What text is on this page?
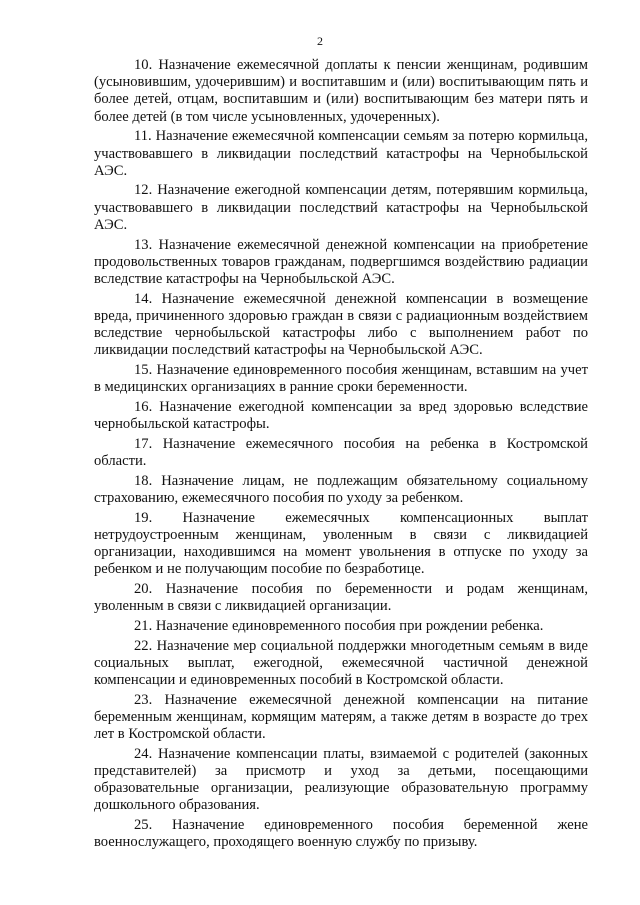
2

10. Назначение ежемесячной доплаты к пенсии женщинам, родившим (усыновившим, удочерившим) и воспитавшим и (или) воспитывающим пять и более детей, отцам, воспитавшим и (или) воспитывающим без матери пять и более детей (в том числе усыновленных, удочеренных).

11. Назначение ежемесячной компенсации семьям за потерю кормильца, участвовавшего в ликвидации последствий катастрофы на Чернобыльской АЭС.

12. Назначение ежегодной компенсации детям, потерявшим кормильца, участвовавшего в ликвидации последствий катастрофы на Чернобыльской АЭС.

13. Назначение ежемесячной денежной компенсации на приобретение продовольственных товаров гражданам, подвергшимся воздействию радиации вследствие катастрофы на Чернобыльской АЭС.

14. Назначение ежемесячной денежной компенсации в возмещение вреда, причиненного здоровью граждан в связи с радиационным воздействием вследствие чернобыльской катастрофы либо с выполнением работ по ликвидации последствий катастрофы на Чернобыльской АЭС.

15. Назначение единовременного пособия женщинам, вставшим на учет в медицинских организациях в ранние сроки беременности.

16. Назначение ежегодной компенсации за вред здоровью вследствие чернобыльской катастрофы.

17. Назначение ежемесячного пособия на ребенка в Костромской области.

18. Назначение лицам, не подлежащим обязательному социальному страхованию, ежемесячного пособия по уходу за ребенком.

19. Назначение ежемесячных компенсационных выплат нетрудоустроенным женщинам, уволенным в связи с ликвидацией организации, находившимся на момент увольнения в отпуске по уходу за ребенком и не получающим пособие по безработице.

20. Назначение пособия по беременности и родам женщинам, уволенным в связи с ликвидацией организации.

21. Назначение единовременного пособия при рождении ребенка.

22. Назначение мер социальной поддержки многодетным семьям в виде социальных выплат, ежегодной, ежемесячной частичной денежной компенсации и единовременных пособий в Костромской области.

23. Назначение ежемесячной денежной компенсации на питание беременным женщинам, кормящим матерям, а также детям в возрасте до трех лет в Костромской области.

24. Назначение компенсации платы, взимаемой с родителей (законных представителей) за присмотр и уход за детьми, посещающими образовательные организации, реализующие образовательную программу дошкольного образования.

25. Назначение единовременного пособия беременной жене военнослужащего, проходящего военную службу по призыву.
